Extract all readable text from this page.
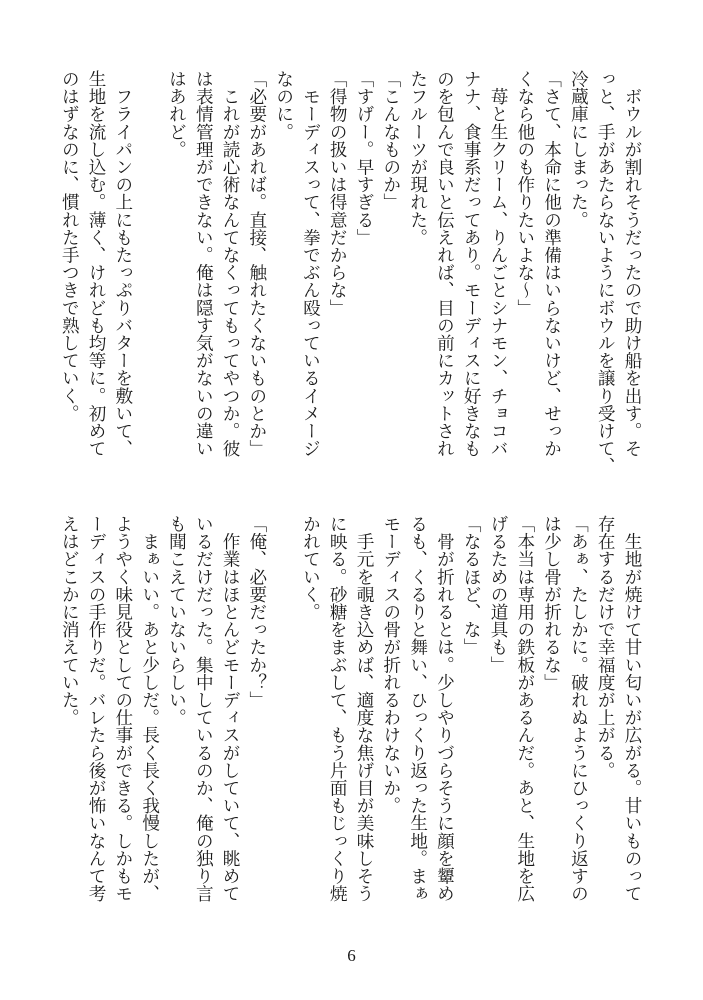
　ボウルが割れそうだったので助け船を出す。そ
っと、手があたらないようにボウルを譲り受けて、
冷蔵庫にしまった。
「さて、本命に他の準備はいらないけど、せっか
くなら他のも作りたいよな～」
　苺と生クリーム、りんごとシナモン、チョコバ
ナナ、食事系だってあり。モーディスに好きなも
のを包んで良いと伝えれば、目の前にカットされ
たフルーツが現れた。
「こんなものか」
「すげー。早すぎる」
「得物の扱いは得意だからな」
　モーディスって、拳でぶん殴っているイメージ
なのに。
「必要があれば。直接、触れたくないものとか」
　これが読心術なんてなくってもってやつか。彼
は表情管理ができない。俺は隠す気がないの違い
はあれど。
　フライパンの上にもたっぷりバターを敷いて、
生地を流し込む。薄く、けれども均等に。初めて
のはずなのに、慣れた手つきで熟していく。
　生地が焼けて甘い匂いが広がる。甘いものって
存在するだけで幸福度が上がる。
「あぁ、たしかに。破れぬようにひっくり返すの
は少し骨が折れるな」
「本当は専用の鉄板があるんだ。あと、生地を広
げるための道具も」
「なるほど、な」
　骨が折れるとは。少しやりづらそうに顔を顰め
るも、くるりと舞い、ひっくり返った生地。まぁ
モーディスの骨が折れるわけないか。
　手元を覗き込めば、適度な焦げ目が美味しそう
に映る。砂糖をまぶして、もう片面もじっくり焼
かれていく。
「俺、必要だったか？」
　作業はほとんどモーディスがしていて、眺めて
いるだけだった。集中しているのか、俺の独り言
も聞こえていないらしい。
　まぁいい。あと少しだ。長く長く我慢したが、
ようやく味見役としての仕事ができる。しかもモ
ーディスの手作りだ。バレたら後が怖いなんて考
えはどこかに消えていた。
6
